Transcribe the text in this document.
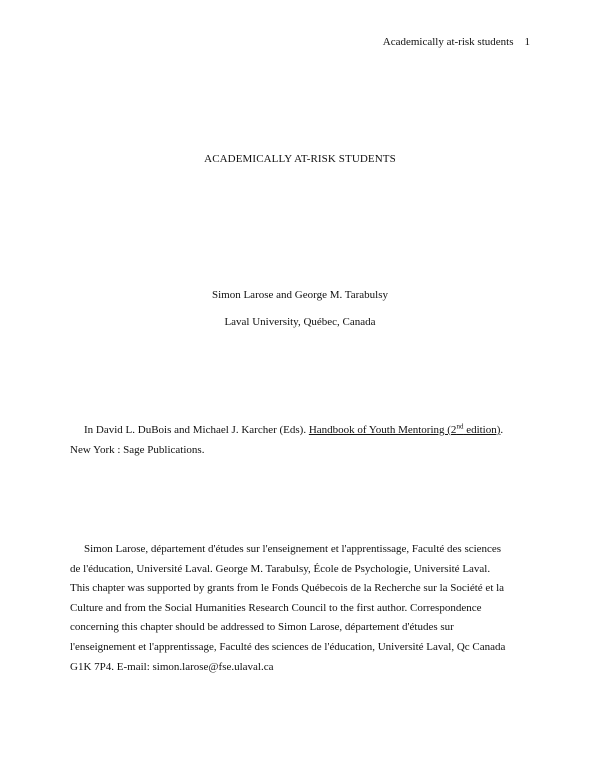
Academically at-risk students 1
ACADEMICALLY AT-RISK STUDENTS
Simon Larose and George M. Tarabulsy
Laval University, Québec, Canada
In David L. DuBois and Michael J. Karcher (Eds). Handbook of Youth Mentoring (2nd edition).
New York : Sage Publications.
Simon Larose, département d'études sur l'enseignement et l'apprentissage, Faculté des sciences
de l'éducation, Université Laval. George M. Tarabulsy, École de Psychologie, Université Laval.
This chapter was supported by grants from le Fonds Québecois de la Recherche sur la Société et la
Culture and from the Social Humanities Research Council to the first author. Correspondence
concerning this chapter should be addressed to Simon Larose, département d'études sur
l'enseignement et l'apprentissage, Faculté des sciences de l'éducation, Université Laval, Qc Canada
G1K 7P4. E-mail: simon.larose@fse.ulaval.ca
